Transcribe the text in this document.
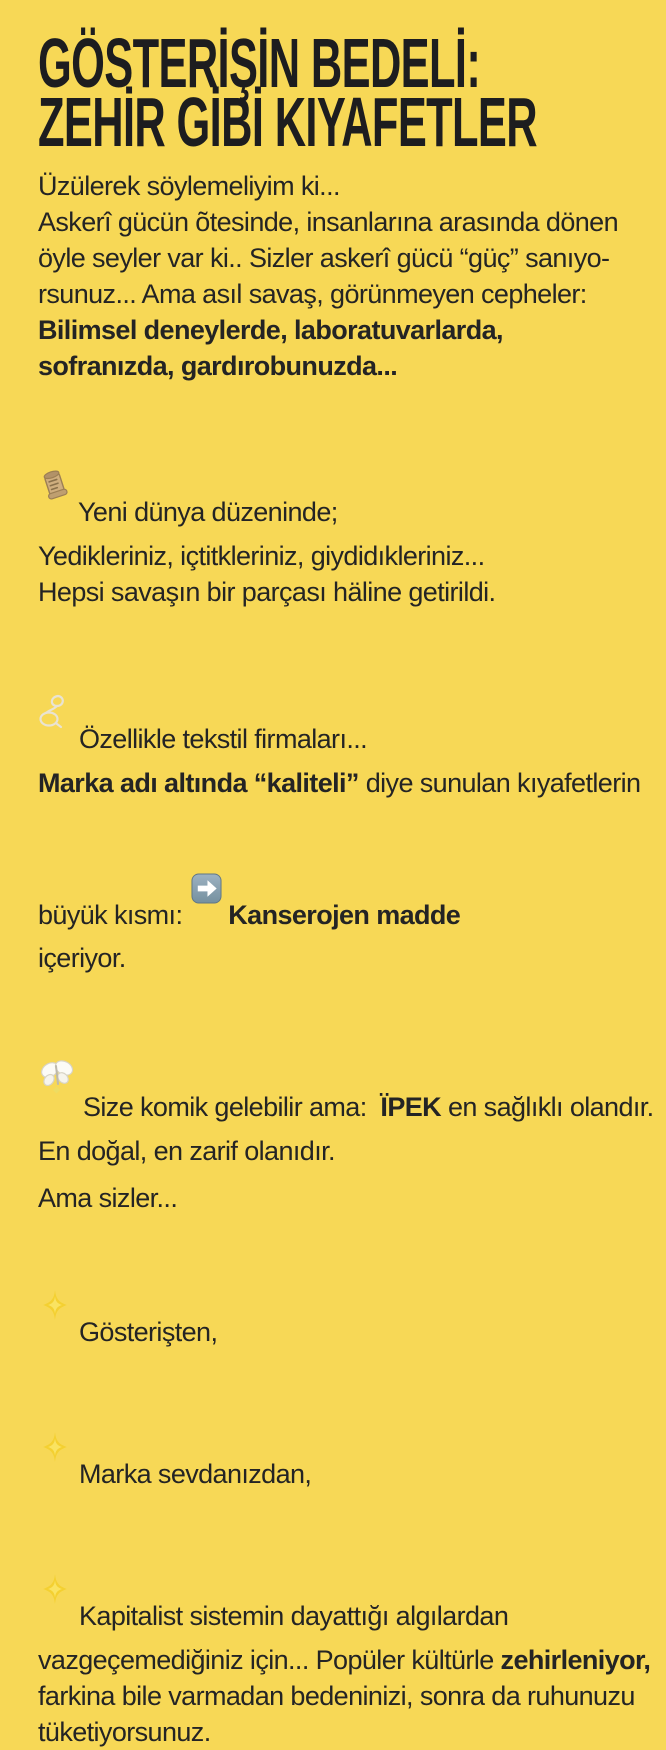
GÖSTERİŞİN BEDELİ:
ZEHİR GİBİ KIYAFETLER
Üzülerek söylemeliyim ki...
Askerî gücün õtesinde, insanlarına arasında dönen
öyle seyler var ki.. Sizler askerî gücü “güç” sanıyo-
rsunuz... Ama asıl savaş, görünmeyen cepheler:
Bilimsel deneylerde, laboratuvarlarda,
sofranızda, gardırobunuzda...

Yeni dünya düzeninde;
Yedikleriniz, içtitkleriniz, giydidıkleriniz...
Hepsi savaşın bir parçası häline getirildi.

Özellikle tekstil firmaları...
Marka adı altında “kaliteli” diye sunulan kıyafetlerin
büyük kısmı:

Kanserojen madde
içeriyor.

Size komik gelebilir ama:  ÏPEK en sağlıklı olandır.
En doğal, en zarif olanıdır.
Ama sizler...

Gösterişten,

Marka sevdanızdan,

Kapitalist sistemin dayattığı algılardan
vazgeçemediğiniz için... Popüler kültürle zehirleniyor,
farkina bile varmadan bedeninizi, sonra da ruhunuzu
tüketiyorsunuz.
